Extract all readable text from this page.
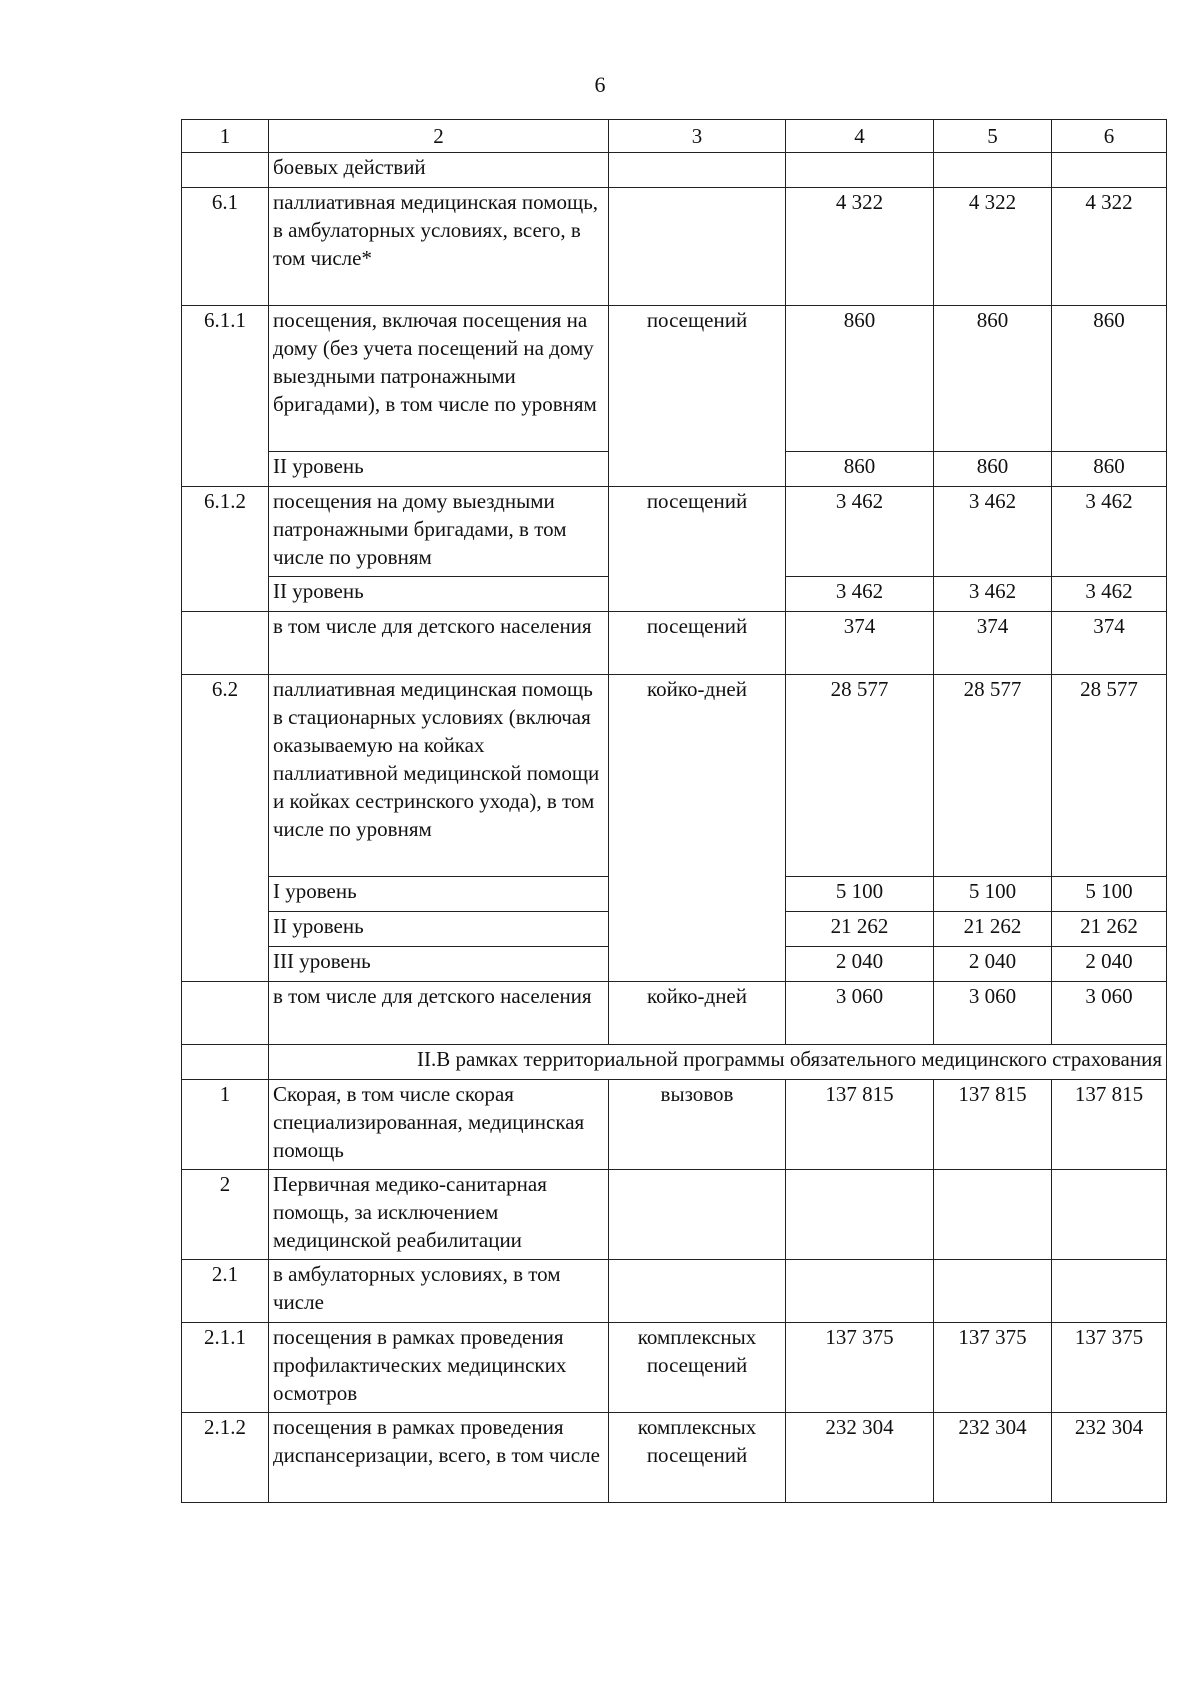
6
1	2	3	4	5	6
	боевых действий				
6.1	паллиативная медицинская помощь, в амбулаторных условиях, всего, в том числе*		4 322	4 322	4 322
6.1.1	посещения, включая посещения на дому (без учета посещений на дому выездными патронажными бригадами), в том числе по уровням	посещений	860	860	860
	II уровень		860	860	860
6.1.2	посещения на дому выездными патронажными бригадами, в том числе по уровням	посещений	3 462	3 462	3 462
	II уровень		3 462	3 462	3 462
	в том числе для детского населения	посещений	374	374	374
6.2	паллиативная медицинская помощь в стационарных условиях (включая оказываемую на койках паллиативной медицинской помощи и койках сестринского ухода), в том числе по уровням	койко-дней	28 577	28 577	28 577
	I уровень		5 100	5 100	5 100
	II уровень		21 262	21 262	21 262
	III уровень		2 040	2 040	2 040
	в том числе для детского населения	койко-дней	3 060	3 060	3 060
	II.В рамках территориальной программы обязательного медицинского страхования				
1	Скорая, в том числе скорая специализированная, медицинская помощь	вызовов	137 815	137 815	137 815
2	Первичная медико-санитарная помощь, за исключением медицинской реабилитации				
2.1	в амбулаторных условиях, в том числе				
2.1.1	посещения в рамках проведения профилактических медицинских осмотров	комплексных посещений	137 375	137 375	137 375
2.1.2	посещения в рамках проведения диспансеризации, всего, в том числе	комплексных посещений	232 304	232 304	232 304
